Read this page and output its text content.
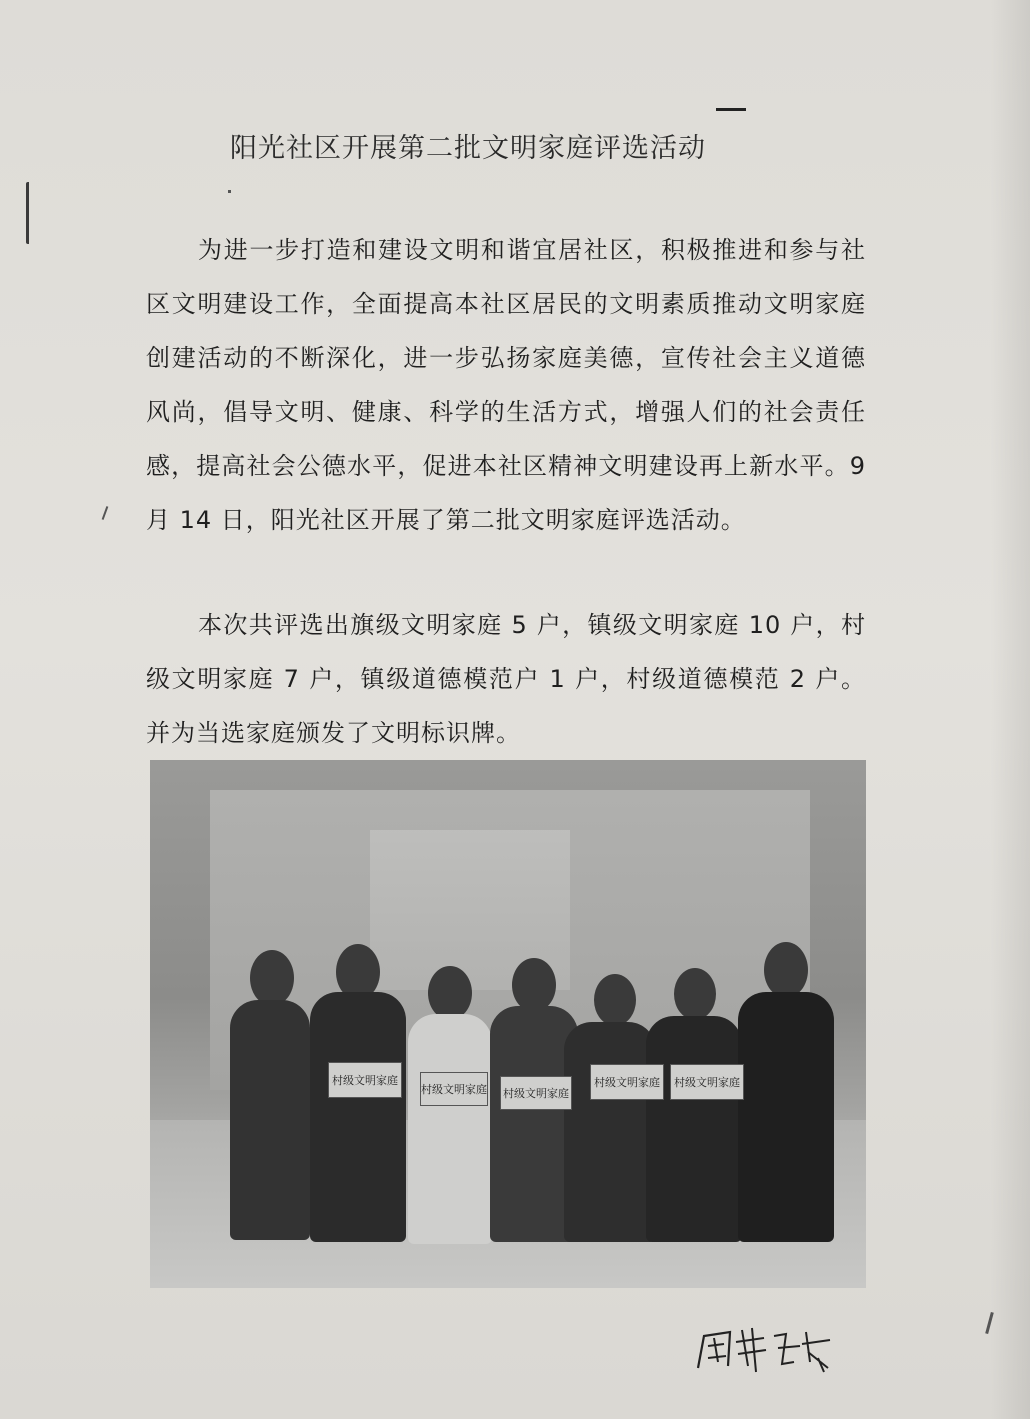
阳光社区开展第二批文明家庭评选活动
为进一步打造和建设文明和谐宜居社区，积极推进和参与社区文明建设工作，全面提高本社区居民的文明素质推动文明家庭创建活动的不断深化，进一步弘扬家庭美德，宣传社会主义道德风尚，倡导文明、健康、科学的生活方式，增强人们的社会责任感，提高社会公德水平，促进本社区精神文明建设再上新水平。9 月 14 日，阳光社区开展了第二批文明家庭评选活动。
本次共评选出旗级文明家庭 5 户，镇级文明家庭 10 户，村级文明家庭 7 户，镇级道德模范户 1 户，村级道德模范 2 户。并为当选家庭颁发了文明标识牌。
村级文明家庭
村级文明家庭 村级文明家庭
村级文明家庭	村级文明家庭
